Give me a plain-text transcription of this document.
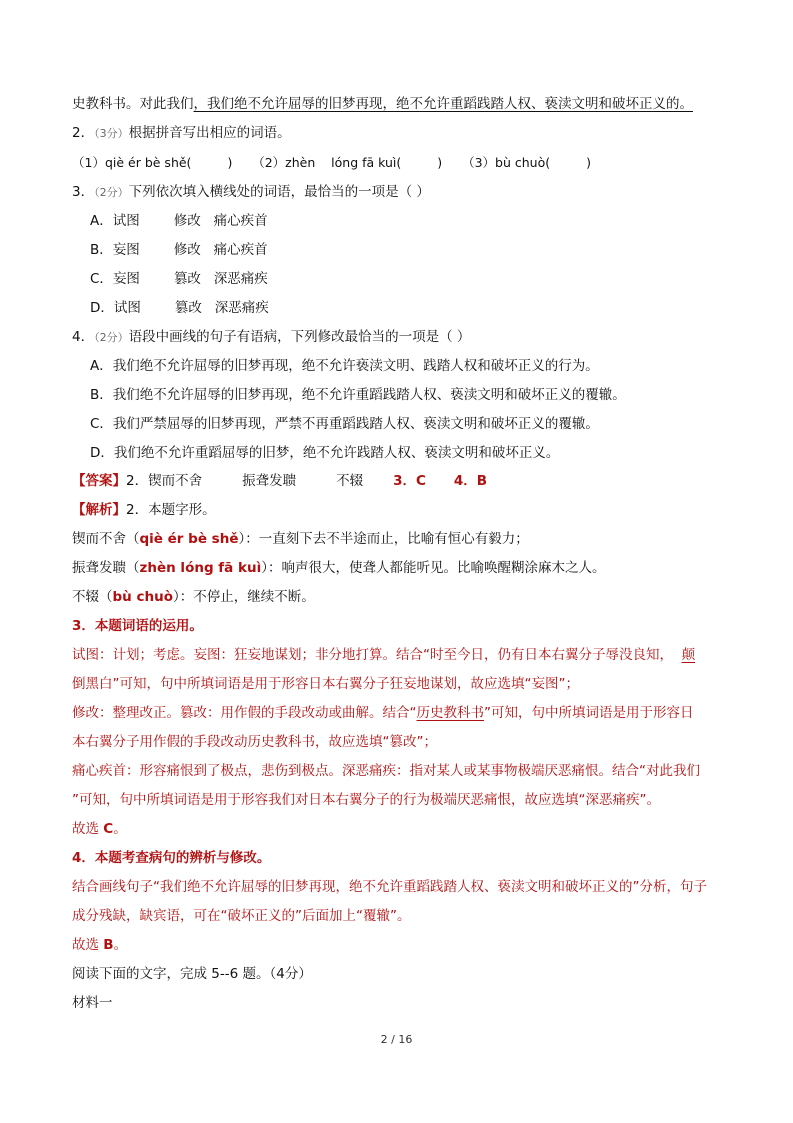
史教科书。对此我们，我们绝不允许屈辱的旧梦再现，绝不允许重蹈践踏人权、亵渎文明和破坏正义的。
2．（3分）根据拼音写出相应的词语。
（1）qiè ér bè shě(	) （2）zhèn lóng fā kuì(	) （3）bù chuò(	)
3．（2分）下列依次填入横线处的词语，最恰当的一项是（ ）
A．试图	修改 痛心疾首
B．妄图	修改 痛心疾首
C．妄图	篡改 深恶痛疾
D．试图	篡改 深恶痛疾
4．（2分）语段中画线的句子有语病，下列修改最恰当的一项是（ ）
A．我们绝不允许屈辱的旧梦再现，绝不允许亵渎文明、践踏人权和破坏正义的行为。
B．我们绝不允许屈辱的旧梦再现，绝不允许重蹈践踏人权、亵渎文明和破坏正义的覆辙。
C．我们严禁屈辱的旧梦再现，严禁不再重蹈践踏人权、亵渎文明和破坏正义的覆辙。
D．我们绝不允许重蹈屈辱的旧梦，绝不允许践踏人权、亵渎文明和破坏正义。
【答案】2．锲而不舍	振聋发聩	不辍 3．C 4．B
【解析】2．本题字形。
锲而不舍（qiè ér bè shě）：一直刻下去不半途而止，比喻有恒心有毅力；
振聋发聩（zhèn lóng fā kuì）：响声很大，使聋人都能听见。比喻唤醒糊涂麻木之人。
不辍（bù chuò）：不停止，继续不断。
3．本题词语的运用。
试图：计划；考虑。妄图：狂妄地谋划；非分地打算。结合“时至今日，仍有日本右翼分子辱没良知， 颠
倒黑白”可知，句中所填词语是用于形容日本右翼分子狂妄地谋划，故应选填“妄图”；
修改：整理改正。篡改：用作假的手段改动或曲解。结合“历史教科书”可知，句中所填词语是用于形容日
本右翼分子用作假的手段改动历史教科书，故应选填“篡改”；
痛心疾首：形容痛恨到了极点，悲伤到极点。深恶痛疾：指对某人或某事物极端厌恶痛恨。结合“对此我们
”可知，句中所填词语是用于形容我们对日本右翼分子的行为极端厌恶痛恨，故应选填“深恶痛疾”。
故选 C。
4．本题考查病句的辨析与修改。
结合画线句子“我们绝不允许屈辱的旧梦再现，绝不允许重蹈践踏人权、亵渎文明和破坏正义的”分析，句子
成分残缺，缺宾语，可在“破坏正义的”后面加上“覆辙”。
故选 B。
阅读下面的文字，完成 5--6 题。（4分）
材料一
2 / 16
